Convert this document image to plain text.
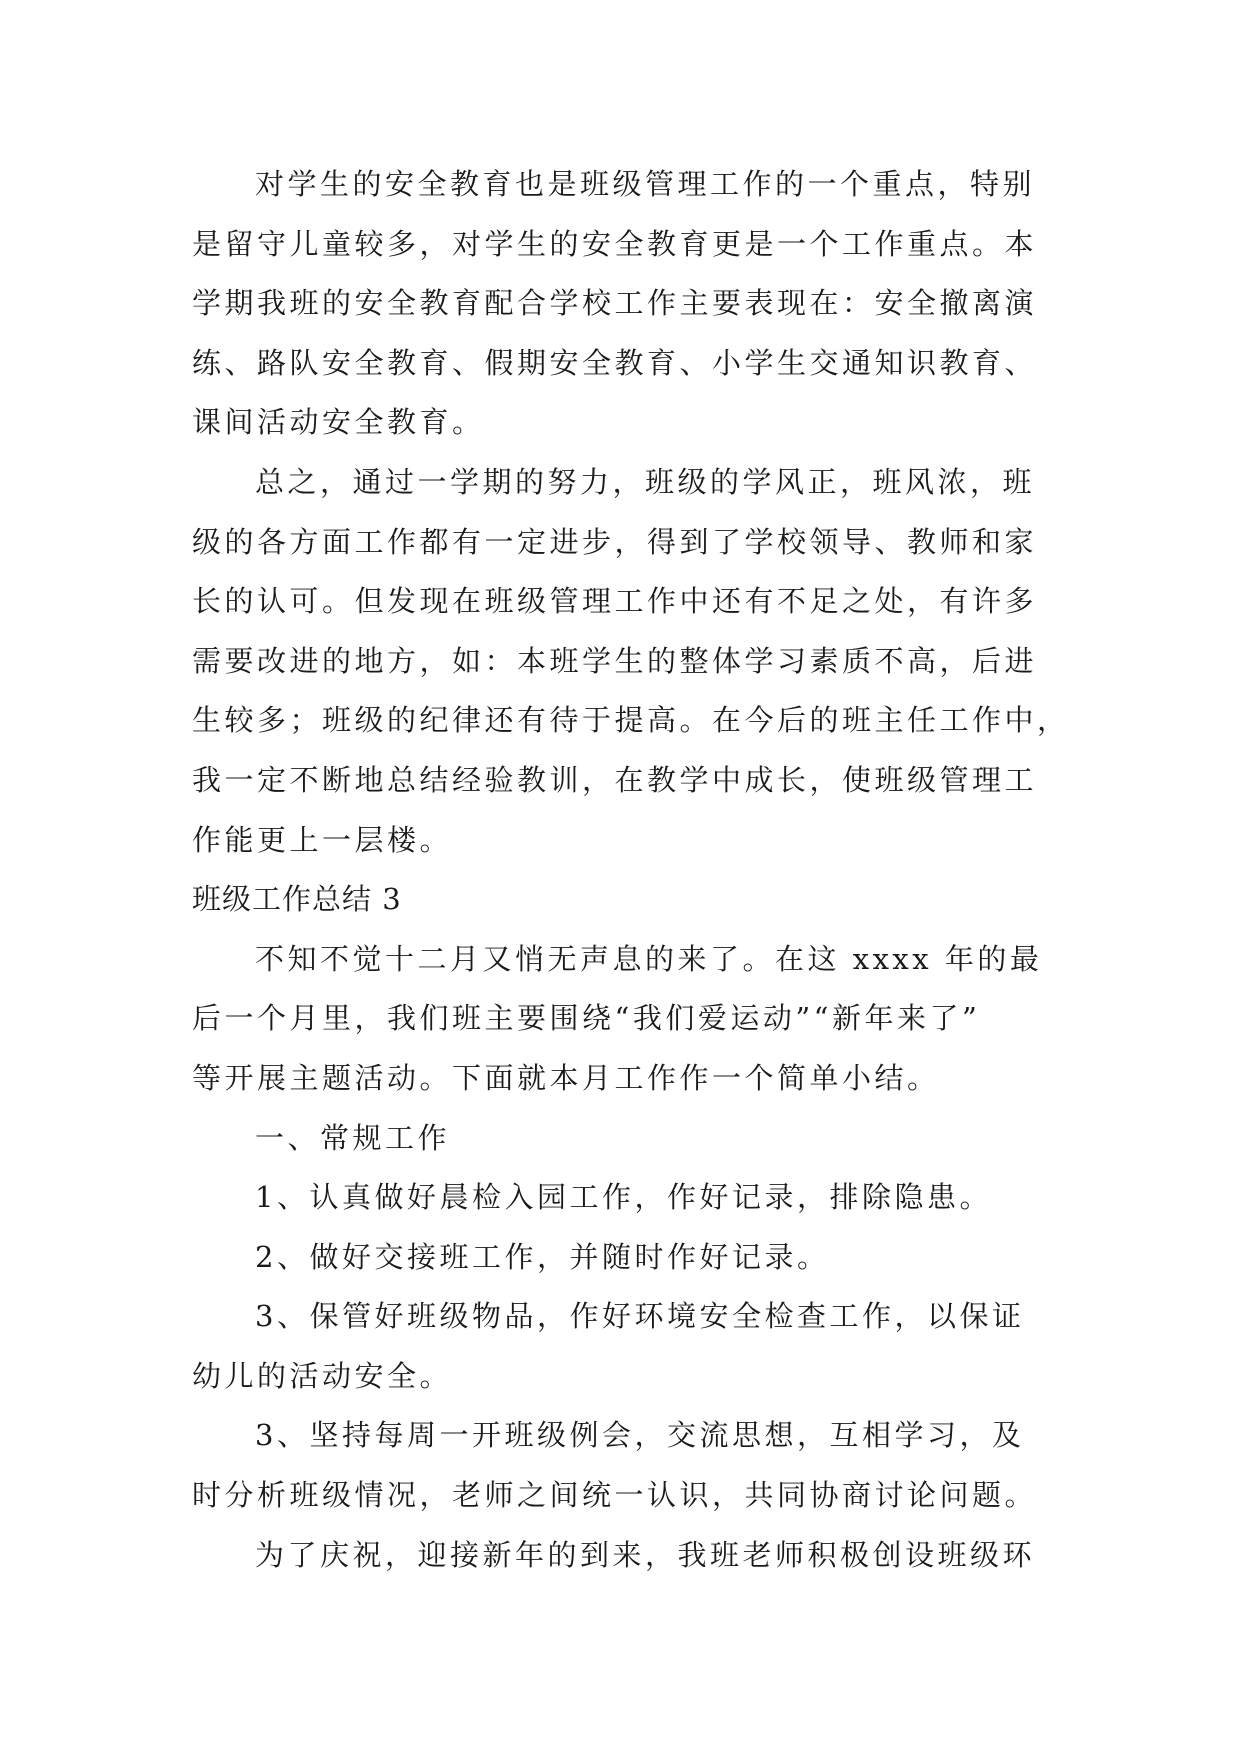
对学生的安全教育也是班级管理工作的一个重点，特别
是留守儿童较多，对学生的安全教育更是一个工作重点。本
学期我班的安全教育配合学校工作主要表现在：安全撤离演
练、路队安全教育、假期安全教育、小学生交通知识教育、
课间活动安全教育。
总之，通过一学期的努力，班级的学风正，班风浓，班
级的各方面工作都有一定进步，得到了学校领导、教师和家
长的认可。但发现在班级管理工作中还有不足之处，有许多
需要改进的地方，如：本班学生的整体学习素质不高，后进
生较多；班级的纪律还有待于提高。在今后的班主任工作中，
我一定不断地总结经验教训，在教学中成长，使班级管理工
作能更上一层楼。
班级工作总结 3
不知不觉十二月又悄无声息的来了。在这 xxxx 年的最
后一个月里，我们班主要围绕“我们爱运动”“新年来了”
等开展主题活动。下面就本月工作作一个简单小结。
一、常规工作
1、认真做好晨检入园工作，作好记录，排除隐患。
2、做好交接班工作，并随时作好记录。
3、保管好班级物品，作好环境安全检查工作，以保证
幼儿的活动安全。
3、坚持每周一开班级例会，交流思想，互相学习，及
时分析班级情况，老师之间统一认识，共同协商讨论问题。
为了庆祝，迎接新年的到来，我班老师积极创设班级环
